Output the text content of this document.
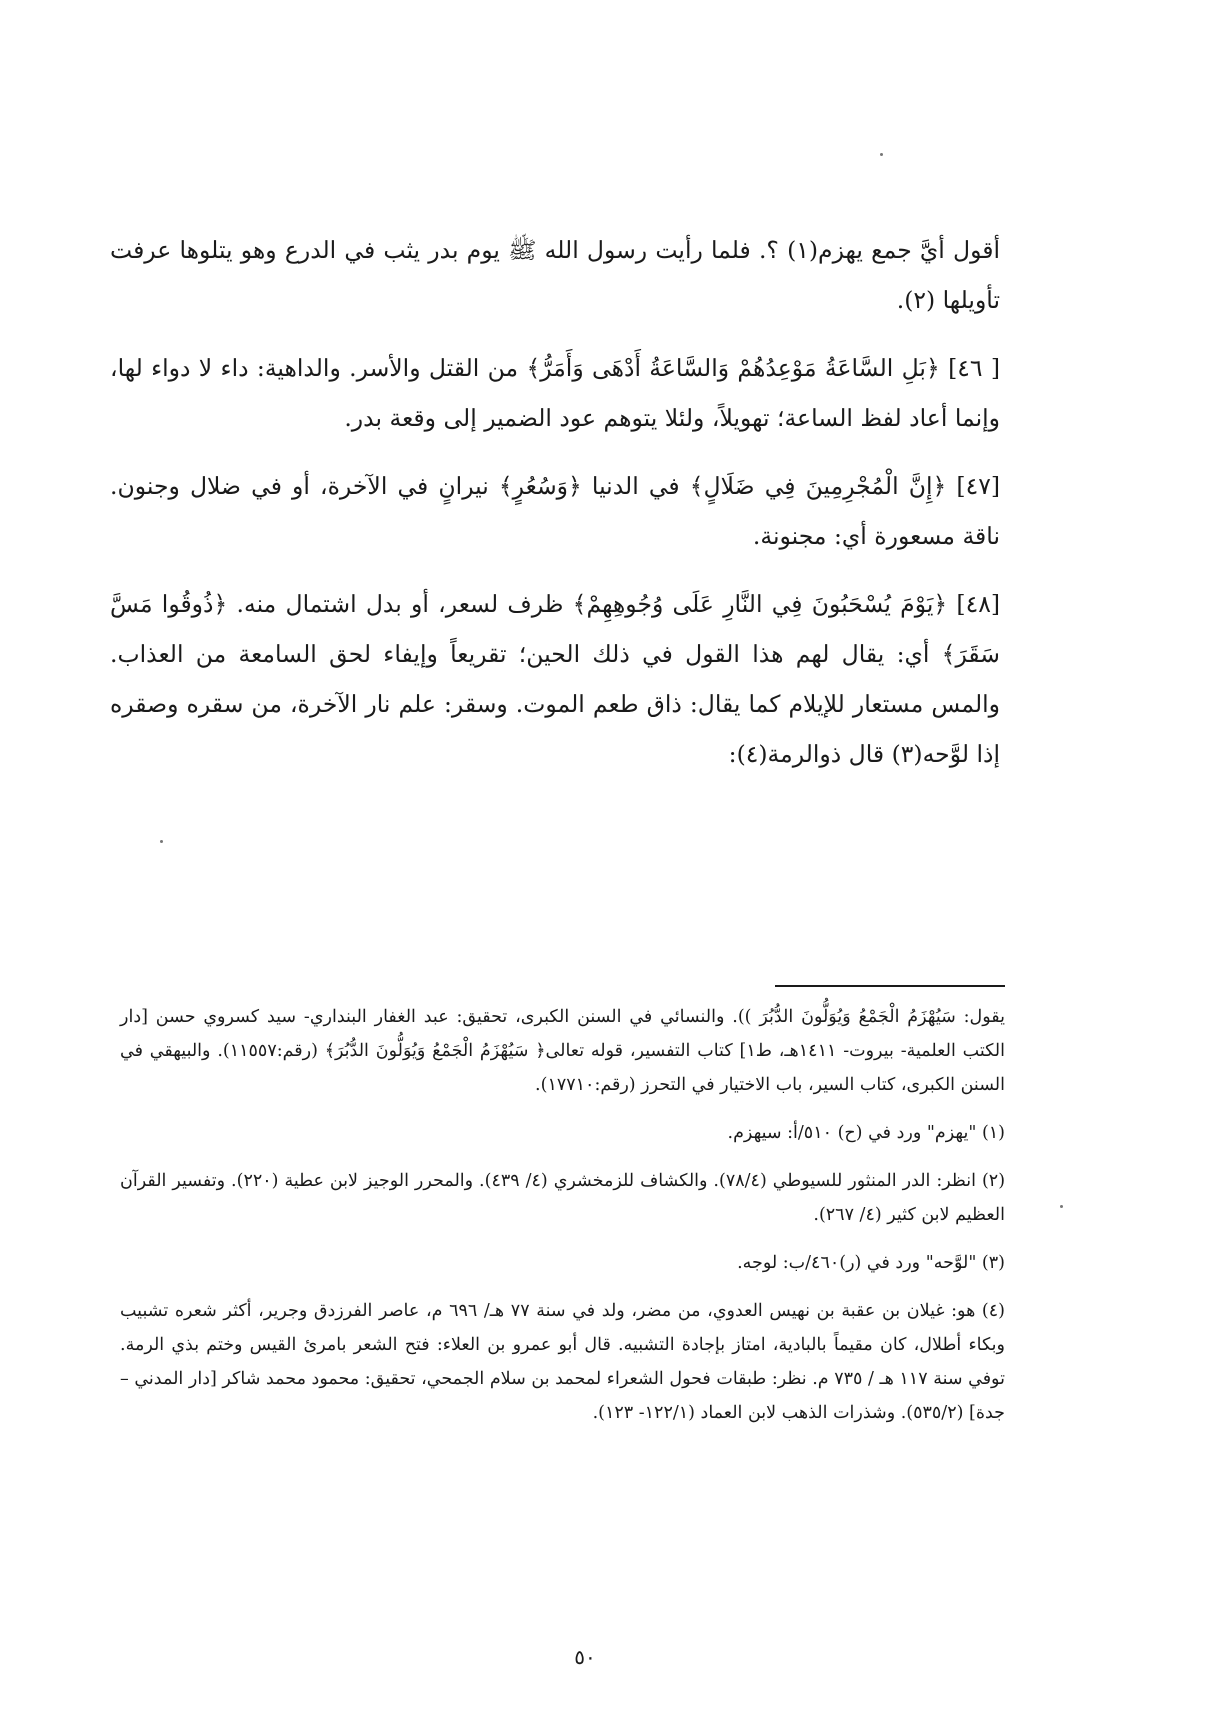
أقول أيَّ جمع يهزم(١) ؟. فلما رأيت رسول الله ﷺ يوم بدر يثب في الدرع وهو يتلوها عرفت تأويلها (٢).

[ ٤٦] ﴿بَلِ السَّاعَةُ مَوْعِدُهُمْ وَالسَّاعَةُ أَدْهَى وَأَمَرُّ﴾ من القتل والأسر. والداهية: داء لا دواء لها، وإنما أعاد لفظ الساعة؛ تهويلاً، ولئلا يتوهم عود الضمير إلى وقعة بدر.

[٤٧] ﴿إِنَّ الْمُجْرِمِينَ فِي ضَلَالٍ﴾ في الدنيا ﴿وَسُعُرٍ﴾ نيرانٍ في الآخرة، أو في ضلال وجنون. ناقة مسعورة أي: مجنونة.

[٤٨] ﴿يَوْمَ يُسْحَبُونَ فِي النَّارِ عَلَى وُجُوهِهِمْ﴾ ظرف لسعر، أو بدل اشتمال منه. ﴿ذُوقُوا مَسَّ سَقَرَ﴾ أي: يقال لهم هذا القول في ذلك الحين؛ تقريعاً وإيفاء لحق السامعة من العذاب. والمس مستعار للإيلام كما يقال: ذاق طعم الموت. وسقر: علم نار الآخرة، من سقره وصقره إذا لوَّحه(٣) قال ذوالرمة(٤):

يقول: سَيُهْزَمُ الْجَمْعُ وَيُوَلُّونَ الدُّبُرَ )). والنسائي في السنن الكبرى، تحقيق: عبد الغفار البنداري- سيد كسروي حسن [دار الكتب العلمية- بيروت- ١٤١١هـ، ط١] كتاب التفسير، قوله تعالى﴿ سَيُهْزَمُ الْجَمْعُ وَيُوَلُّونَ الدُّبُرَ﴾ (رقم:١١٥٥٧). والبيهقي في السنن الكبرى، كتاب السير، باب الاختيار في التحرز (رقم:١٧٧١٠).

(١) "يهزم" ورد في (ح) ٥١٠/أ: سيهزم.

(٢) انظر: الدر المنثور للسيوطي (٧٨/٤). والكشاف للزمخشري (٤/ ٤٣٩). والمحرر الوجيز لابن عطية (٢٢٠). وتفسير القرآن العظيم لابن كثير (٤/ ٢٦٧).

(٣) "لوَّحه" ورد في (ر)٤٦٠/ب: لوجه.

(٤) هو: غيلان بن عقبة بن نهيس العدوي، من مضر، ولد في سنة ٧٧ هـ/ ٦٩٦ م، عاصر الفرزدق وجرير، أكثر شعره تشبيب وبكاء أطلال، كان مقيماً بالبادية، امتاز بإجادة التشبيه. قال أبو عمرو بن العلاء: فتح الشعر بامرئ القيس وختم بذي الرمة. توفي سنة ١١٧ هـ / ٧٣٥ م. نظر: طبقات فحول الشعراء لمحمد بن سلام الجمحي، تحقيق: محمود محمد شاكر [دار المدني – جدة] (٥٣٥/٢). وشذرات الذهب لابن العماد (١٢٢/١- ١٢٣).

٥٠
